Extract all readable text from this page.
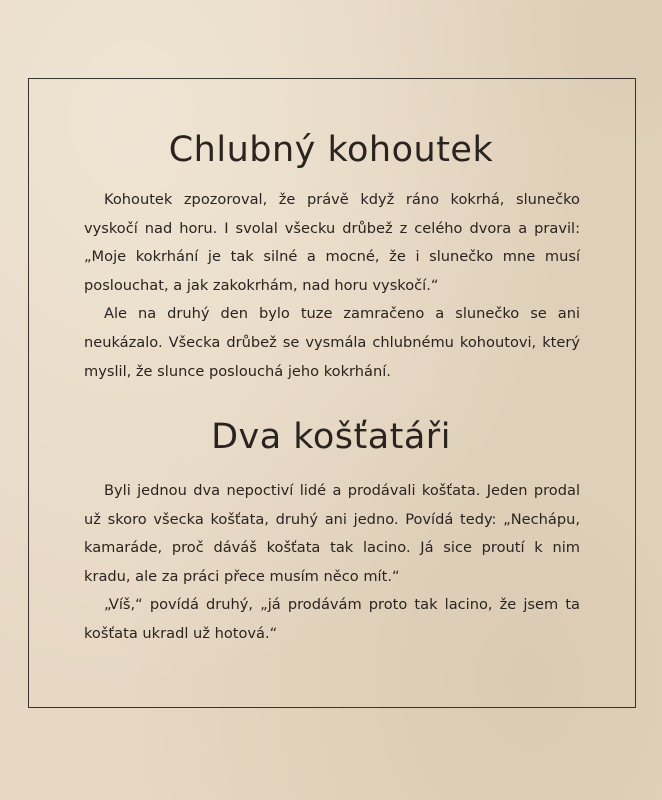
Chlubný kohoutek

Kohoutek zpozoroval, že právě když ráno kokrhá, slunečko vyskočí nad horu. I svolal všecku drůbež z celého dvora a pravil: „Moje kokrhání je tak silné a mocné, že i slunečko mne musí poslouchat, a jak zakokrhám, nad horu vyskočí.“

Ale na druhý den bylo tuze zamračeno a slunečko se ani neukázalo. Všecka drůbež se vysmála chlubnému kohoutovi, který myslil, že slunce poslouchá jeho kokrhání.

Dva košťatáři

Byli jednou dva nepoctiví lidé a prodávali košťata. Jeden prodal už skoro všecka košťata, druhý ani jedno. Povídá tedy: „Nechápu, kamaráde, proč dáváš košťata tak lacino. Já sice proutí k nim kradu, ale za práci přece musím něco mít.“

„Víš,“ povídá druhý, „já prodávám proto tak lacino, že jsem ta košťata ukradl už hotová.“
